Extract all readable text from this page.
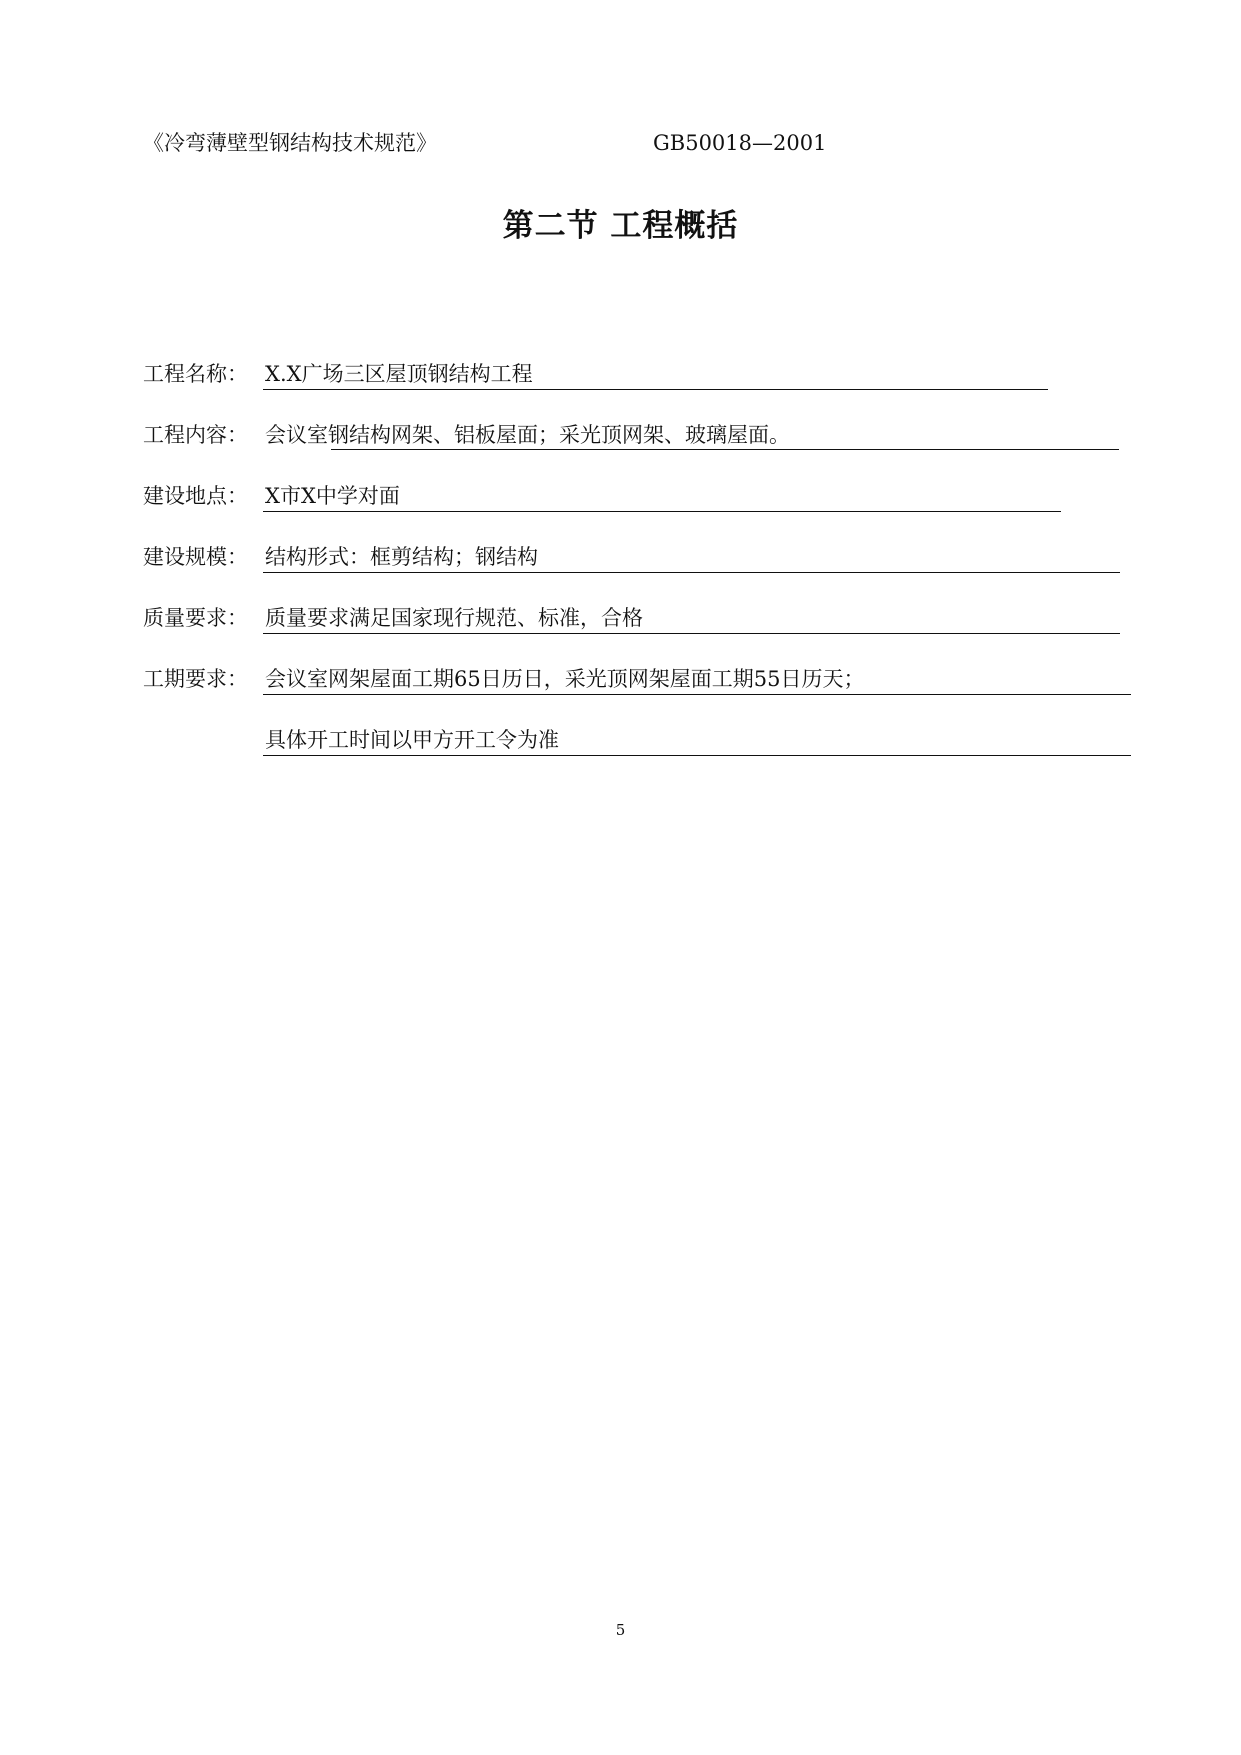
《冷弯薄壁型钢结构技术规范》	GB50018—2001
第二节 工程概括
工程名称： X.X广场三区屋顶钢结构工程
工程内容： 会议室钢结构网架、铝板屋面；采光顶网架、玻璃屋面。
建设地点： X市X中学对面
建设规模： 结构形式：框剪结构；钢结构
质量要求： 质量要求满足国家现行规范、标准，合格
工期要求： 会议室网架屋面工期65日历日，采光顶网架屋面工期55日历天；
具体开工时间以甲方开工令为准
5
